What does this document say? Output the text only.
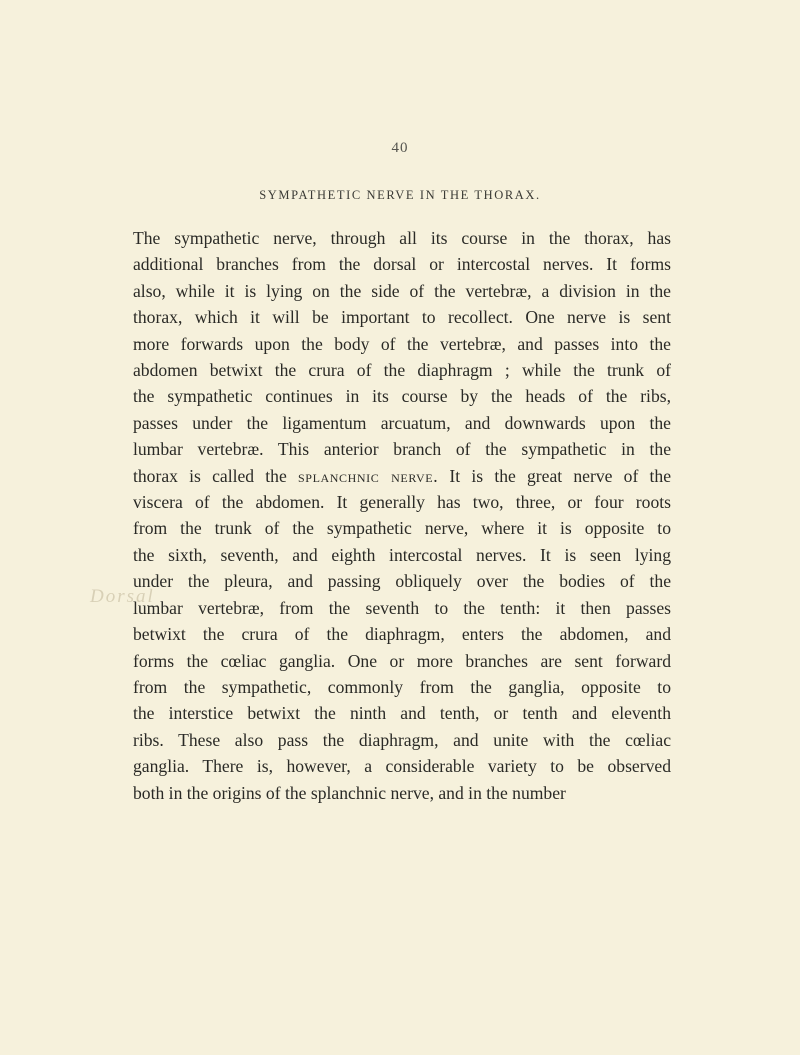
40
SYMPATHETIC NERVE IN THE THORAX.
Dorsal
The sympathetic nerve, through all its course in the thorax, has
additional branches from the dorsal or intercostal nerves. It forms
also, while it is lying on the side of the vertebræ, a division in the
thorax, which it will be important to recollect. One nerve is sent
more forwards upon the body of the vertebræ, and passes into the
abdomen betwixt the crura of the diaphragm ; while the trunk of
the sympathetic continues in its course by the heads of the ribs,
passes under the ligamentum arcuatum, and downwards upon the
lumbar vertebræ. This anterior branch of the sympathetic in the
thorax is called the splanchnic nerve. It is the great nerve of the
viscera of the abdomen. It generally has two, three, or four roots
from the trunk of the sympathetic nerve, where it is opposite to
the sixth, seventh, and eighth intercostal nerves. It is seen lying
under the pleura, and passing obliquely over the bodies of the
lumbar vertebræ, from the seventh to the tenth: it then passes
betwixt the crura of the diaphragm, enters the abdomen, and
forms the cœliac ganglia. One or more branches are sent forward
from the sympathetic, commonly from the ganglia, opposite to
the interstice betwixt the ninth and tenth, or tenth and eleventh
ribs. These also pass the diaphragm, and unite with the cœliac
ganglia. There is, however, a considerable variety to be observed
both in the origins of the splanchnic nerve, and in the number
